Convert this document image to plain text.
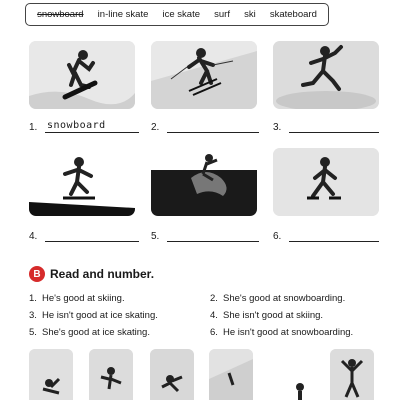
snowboard in-line skate ice skate surf ski skateboard
1. snowboard	2.	3.
4.	5.	6.
B Read and number.
1. He's good at skiing.	2. She's good at snowboarding.
3. He isn't good at ice skating.	4. She isn't good at skiing.
5. She's good at ice skating.	6. He isn't good at snowboarding.
